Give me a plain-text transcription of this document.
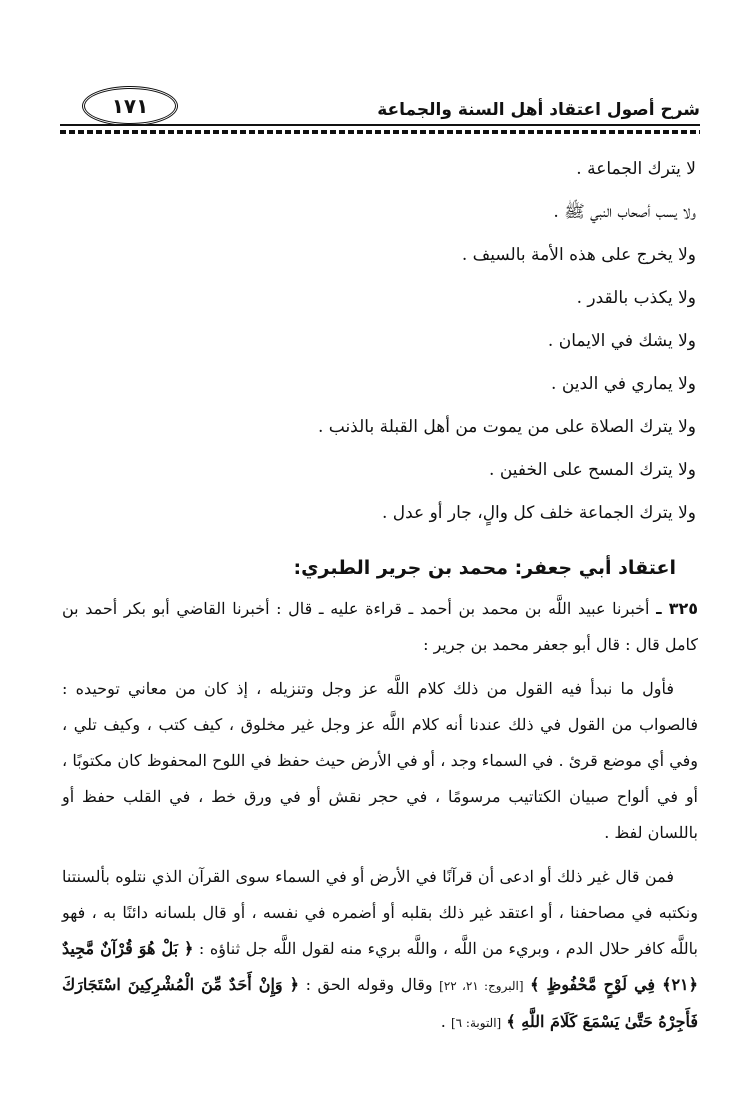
١٧١	شرح أصول اعتقاد أهل السنة والجماعة

لا يترك الجماعة .

ولا يسب أصحاب النبي ﷺ .

ولا يخرج على هذه الأمة بالسيف .

ولا يكذب بالقدر .

ولا يشك في الايمان .

ولا يماري في الدين .

ولا يترك الصلاة على من يموت من أهل القبلة بالذنب .

ولا يترك المسح على الخفين .

ولا يترك الجماعة خلف كل والٍ، جار أو عدل .

اعتقاد أبي جعفر: محمد بن جرير الطبري:

٣٢٥ ـ أخبرنا عبيد اللَّه بن محمد بن أحمد ـ قراءة عليه ـ قال : أخبرنا القاضي أبو بكر أحمد بن كامل قال : قال أبو جعفر محمد بن جرير :

فأول ما نبدأ فيه القول من ذلك كلام اللَّه عز وجل وتنزيله ، إذ كان من معاني توحيده : فالصواب من القول في ذلك عندنا أنه كلام اللَّه عز وجل غير مخلوق ، كيف كتب ، وكيف تلي ، وفي أي موضع قرئ . في السماء وجد ، أو في الأرض حيث حفظ في اللوح المحفوظ كان مكتوبًا ، أو في ألواح صبيان الكتاتيب مرسومًا ، في حجر نقش أو في ورق خط ، في القلب حفظ أو باللسان لفظ .

فمن قال غير ذلك أو ادعى أن قرآنًا في الأرض أو في السماء سوى القرآن الذي نتلوه بألسنتنا ونكتبه في مصاحفنا ، أو اعتقد غير ذلك بقلبه أو أضمره في نفسه ، أو قال بلسانه دائنًا به ، فهو باللَّه كافر حلال الدم ، وبريء من اللَّه ، واللَّه بريء منه لقول اللَّه جل ثناؤه : ﴿ بَلْ هُوَ قُرْآنٌ مَّجِيدٌ ﴿٢١﴾ فِي لَوْحٍ مَّحْفُوظٍ ﴾ [البروج: ٢١، ٢٢] وقال وقوله الحق : ﴿ وَإِنْ أَحَدٌ مِّنَ الْمُشْرِكِينَ اسْتَجَارَكَ فَأَجِرْهُ حَتَّىٰ يَسْمَعَ كَلَامَ اللَّهِ ﴾ [التوبة: ٦] .
